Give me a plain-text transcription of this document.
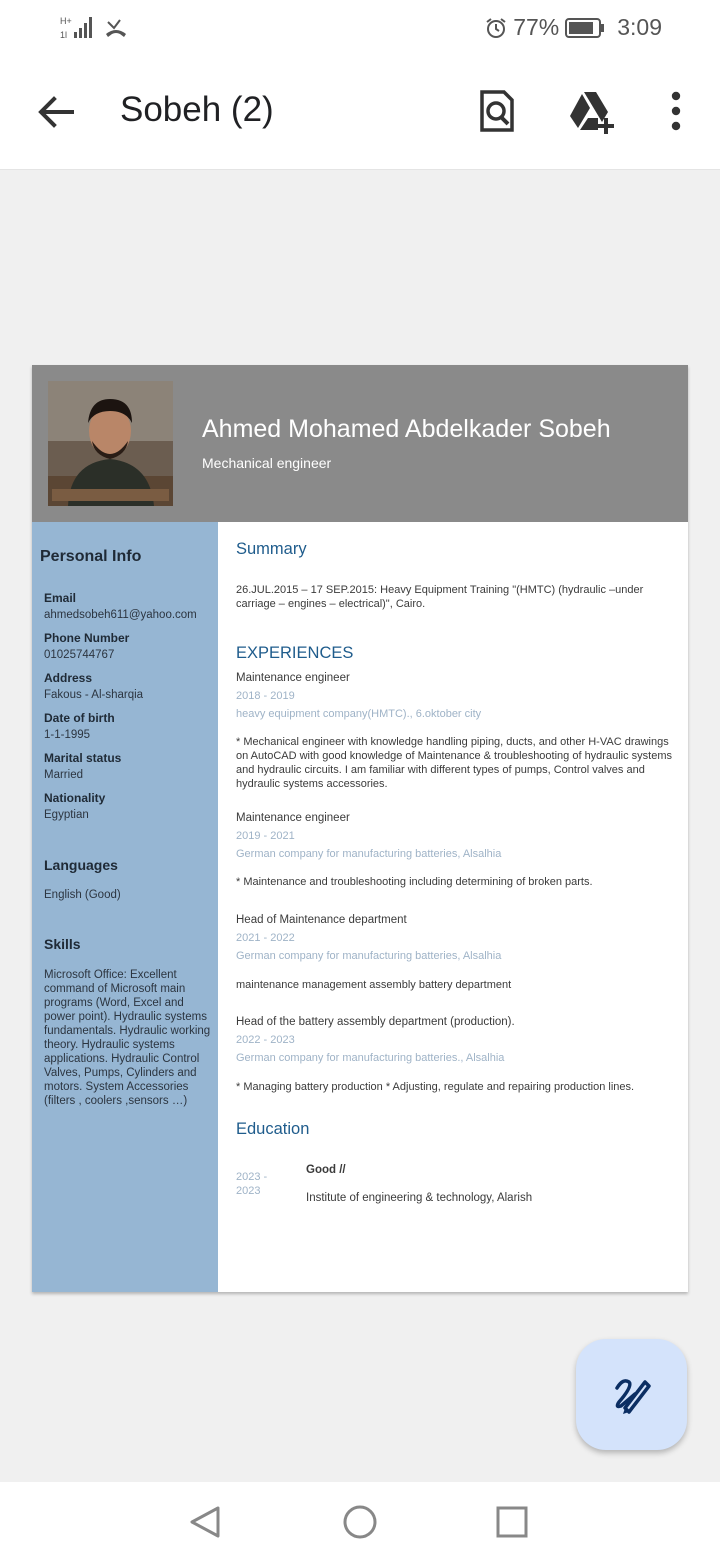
H+
1l	77%	3:09
Sobeh (2)
Ahmed Mohamed Abdelkader Sobeh
Mechanical engineer
Personal Info
Email
ahmedsobeh611@yahoo.com
Phone Number
01025744767
Address
Fakous - Al-sharqia
Date of birth
1-1-1995
Marital status
Married
Nationality
Egyptian
Languages
English (Good)
Skills
Microsoft Office: Excellent command of Microsoft main programs (Word, Excel and power point). Hydraulic systems fundamentals. Hydraulic working theory. Hydraulic systems applications. Hydraulic Control Valves, Pumps, Cylinders and motors. System Accessories (filters , coolers ,sensors …)
Summary
26.JUL.2015 – 17 SEP.2015: Heavy Equipment Training "(HMTC) (hydraulic –under carriage – engines – electrical)", Cairo.
EXPERIENCES
Maintenance engineer
2018 - 2019
heavy equipment company(HMTC)., 6.oktober city
* Mechanical engineer with knowledge handling piping, ducts, and other H-VAC drawings on AutoCAD with good knowledge of Maintenance & troubleshooting of hydraulic systems and hydraulic circuits. I am familiar with different types of pumps, Control valves and hydraulic systems accessories.
Maintenance engineer
2019 - 2021
German company for manufacturing batteries, Alsalhia
* Maintenance and troubleshooting including determining of broken parts.
Head of Maintenance department
2021 - 2022
German company for manufacturing batteries, Alsalhia
maintenance management assembly battery department
Head of the battery assembly department (production).
2022 - 2023
German company for manufacturing batteries., Alsalhia
* Managing battery production * Adjusting, regulate and repairing production lines.
Education
2023 - 2023
Good //
Institute of engineering & technology, Alarish
